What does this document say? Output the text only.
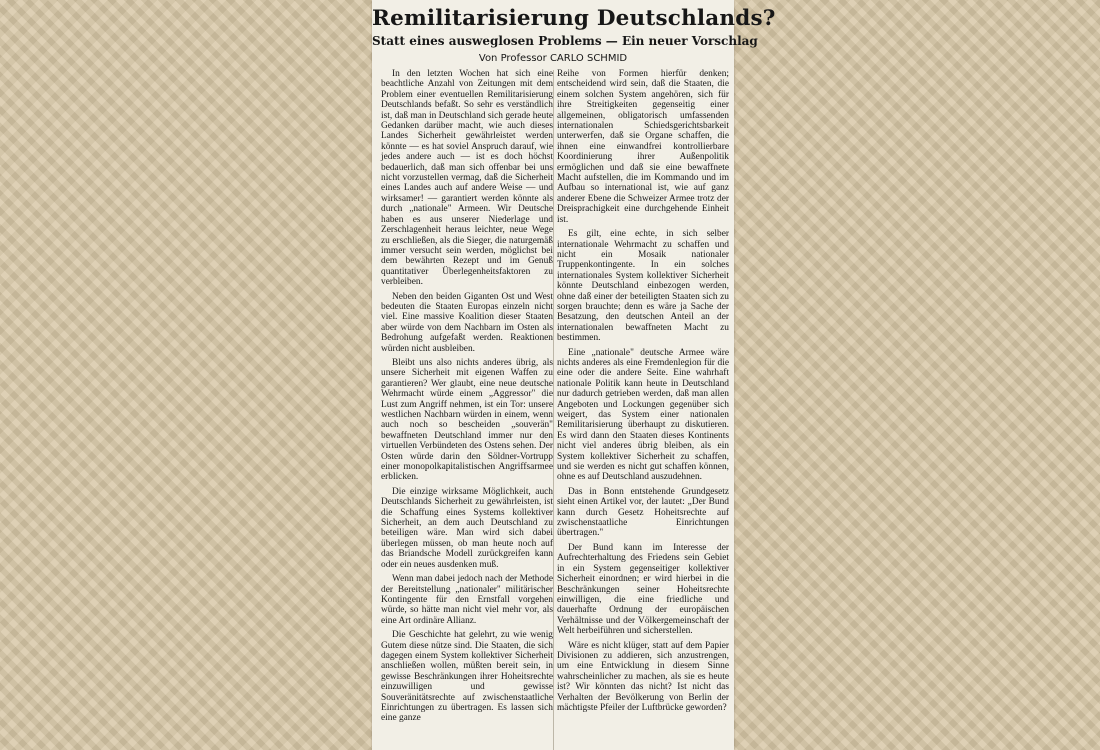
Remilitarisierung Deutschlands?
Statt eines ausweglosen Problems — Ein neuer Vorschlag
Von Professor CARLO SCHMID

In den letzten Wochen hat sich eine beachtliche Anzahl von Zeitungen mit dem Problem einer eventuellen Remilitarisierung Deutschlands befaßt. So sehr es verständlich ist, daß man in Deutschland sich gerade heute Gedanken darüber macht, wie auch dieses Landes Sicherheit gewährleistet werden könnte — es hat soviel Anspruch darauf, wie jedes andere auch — ist es doch höchst bedauerlich, daß man sich offenbar bei uns nicht vorzustellen vermag, daß die Sicherheit eines Landes auch auf andere Weise — und wirksamer! — garantiert werden könnte als durch „nationale" Armeen. Wir Deutsche haben es aus unserer Niederlage und Zerschlagenheit heraus leichter, neue Wege zu erschließen, als die Sieger, die naturgemäß immer versucht sein werden, möglichst bei dem bewährten Rezept und im Genuß quantitativer Überlegenheitsfaktoren zu verbleiben.

Neben den beiden Giganten Ost und West bedeuten die Staaten Europas einzeln nicht viel. Eine massive Koalition dieser Staaten aber würde von dem Nachbarn im Osten als Bedrohung aufgefaßt werden. Reaktionen würden nicht ausbleiben.

Bleibt uns also nichts anderes übrig, als unsere Sicherheit mit eigenen Waffen zu garantieren? Wer glaubt, eine neue deutsche Wehrmacht würde einem „Aggressor" die Lust zum Angriff nehmen, ist ein Tor: unsere westlichen Nachbarn würden in einem, wenn auch noch so bescheiden „souverän" bewaffneten Deutschland immer nur den virtuellen Verbündeten des Ostens sehen. Der Osten würde darin den Söldner-Vortrupp einer monopolkapitalistischen Angriffsarmee erblicken.

Die einzige wirksame Möglichkeit, auch Deutschlands Sicherheit zu gewährleisten, ist die Schaffung eines Systems kollektiver Sicherheit, an dem auch Deutschland zu beteiligen wäre. Man wird sich dabei überlegen müssen, ob man heute noch auf das Briandsche Modell zurückgreifen kann oder ein neues ausdenken muß.

Wenn man dabei jedoch nach der Methode der Bereitstellung „nationaler" militärischer Kontingente für den Ernstfall vorgehen würde, so hätte man nicht viel mehr vor, als eine Art ordinäre Allianz.

Die Geschichte hat gelehrt, zu wie wenig Gutem diese nütze sind. Die Staaten, die sich dagegen einem System kollektiver Sicherheit anschließen wollen, müßten bereit sein, in gewisse Beschränkungen ihrer Hoheitsrechte einzuwilligen und gewisse Souveränitätsrechte auf zwischenstaatliche Einrichtungen zu übertragen. Es lassen sich eine ganze

Reihe von Formen hierfür denken; entscheidend wird sein, daß die Staaten, die einem solchen System angehören, sich für ihre Streitigkeiten gegenseitig einer allgemeinen, obligatorisch umfassenden internationalen Schiedsgerichtsbarkeit unterwerfen, daß sie Organe schaffen, die ihnen eine einwandfrei kontrollierbare Koordinierung ihrer Außenpolitik ermöglichen und daß sie eine bewaffnete Macht aufstellen, die im Kommando und im Aufbau so international ist, wie auf ganz anderer Ebene die Schweizer Armee trotz der Dreisprachigkeit eine durchgehende Einheit ist.

Es gilt, eine echte, in sich selber internationale Wehrmacht zu schaffen und nicht ein Mosaik nationaler Truppenkontingente. In ein solches internationales System kollektiver Sicherheit könnte Deutschland einbezogen werden, ohne daß einer der beteiligten Staaten sich zu sorgen brauchte; denn es wäre ja Sache der Besatzung, den deutschen Anteil an der internationalen bewaffneten Macht zu bestimmen.

Eine „nationale" deutsche Armee wäre nichts anderes als eine Fremdenlegion für die eine oder die andere Seite. Eine wahrhaft nationale Politik kann heute in Deutschland nur dadurch getrieben werden, daß man allen Angeboten und Lockungen gegenüber sich weigert, das System einer nationalen Remilitarisierung überhaupt zu diskutieren. Es wird dann den Staaten dieses Kontinents nicht viel anderes übrig bleiben, als ein System kollektiver Sicherheit zu schaffen, und sie werden es nicht gut schaffen können, ohne es auf Deutschland auszudehnen.

Das in Bonn entstehende Grundgesetz sieht einen Artikel vor, der lautet: „Der Bund kann durch Gesetz Hoheitsrechte auf zwischenstaatliche Einrichtungen übertragen."

Der Bund kann im Interesse der Aufrechterhaltung des Friedens sein Gebiet in ein System gegenseitiger kollektiver Sicherheit einordnen; er wird hierbei in die Beschränkungen seiner Hoheitsrechte einwilligen, die eine friedliche und dauerhafte Ordnung der europäischen Verhältnisse und der Völkergemeinschaft der Welt herbeiführen und sicherstellen.

Wäre es nicht klüger, statt auf dem Papier Divisionen zu addieren, sich anzustrengen, um eine Entwicklung in diesem Sinne wahrscheinlicher zu machen, als sie es heute ist? Wir könnten das nicht? Ist nicht das Verhalten der Bevölkerung von Berlin der mächtigste Pfeiler der Luftbrücke geworden?
